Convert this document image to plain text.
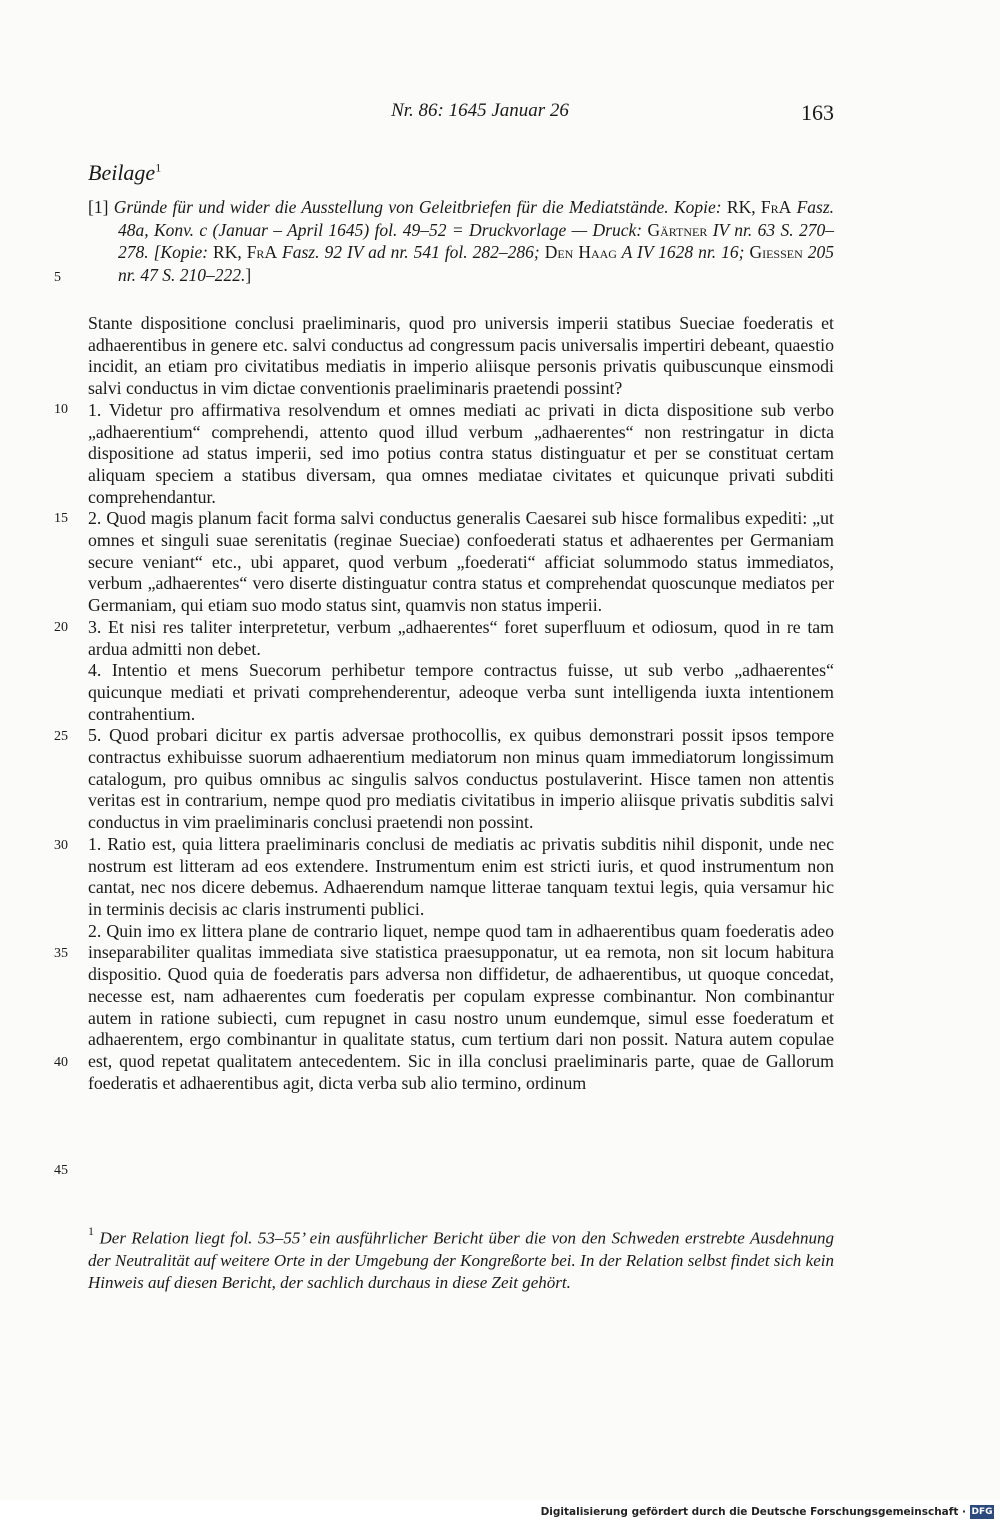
Nr. 86: 1645 Januar 26	163
Beilage$^1$

[1] Gründe für und wider die Ausstellung von Geleitbriefen für die Mediatstände. Kopie: RK, FrA Fasz. 48a, Konv. c (Januar – April 1645) fol. 49–52 = Druckvorlage — Druck: Gärtner IV nr. 63 S. 270–278. [Kopie: RK, FrA Fasz. 92 IV ad nr. 541 fol. 282–286; Den Haag A IV 1628 nr. 16; Giessen 205 nr. 47 S. 210–222.]

5
10
15
20
25
30
35
40
45

Stante dispositione conclusi praeliminaris, quod pro universis imperii statibus Sueciae foederatis et adhaerentibus in genere etc. salvi conductus ad congressum pacis universalis impertiri debeant, quaestio incidit, an etiam pro civitatibus mediatis in imperio aliisque personis privatis quibuscunque einsmodi salvi conductus in vim dictae conventionis praeliminaris praetendi possint?

1. Videtur pro affirmativa resolvendum et omnes mediati ac privati in dicta dispositione sub verbo „adhaerentium“ comprehendi, attento quod illud verbum „adhaerentes“ non restringatur in dicta dispositione ad status imperii, sed imo potius contra status distinguatur et per se constituat certam aliquam speciem a statibus diversam, qua omnes mediatae civitates et quicunque privati subditi comprehendantur.

2. Quod magis planum facit forma salvi conductus generalis Caesarei sub hisce formalibus expediti: „ut omnes et singuli suae serenitatis (reginae Sueciae) confoederati status et adhaerentes per Germaniam secure veniant“ etc., ubi apparet, quod verbum „foederati“ afficiat solummodo status immediatos, verbum „adhaerentes“ vero diserte distinguatur contra status et comprehendat quoscunque mediatos per Germaniam, qui etiam suo modo status sint, quamvis non status imperii.

3. Et nisi res taliter interpretetur, verbum „adhaerentes“ foret superfluum et odiosum, quod in re tam ardua admitti non debet.

4. Intentio et mens Suecorum perhibetur tempore contractus fuisse, ut sub verbo „adhaerentes“ quicunque mediati et privati comprehenderentur, adeoque verba sunt intelligenda iuxta intentionem contrahentium.

5. Quod probari dicitur ex partis adversae prothocollis, ex quibus demonstrari possit ipsos tempore contractus exhibuisse suorum adhaerentium mediatorum non minus quam immediatorum longissimum catalogum, pro quibus omnibus ac singulis salvos conductus postulaverint. Hisce tamen non attentis veritas est in contrarium, nempe quod pro mediatis civitatibus in imperio aliisque privatis subditis salvi conductus in vim praeliminaris conclusi praetendi non possint.

1. Ratio est, quia littera praeliminaris conclusi de mediatis ac privatis subditis nihil disponit, unde nec nostrum est litteram ad eos extendere. Instrumentum enim est stricti iuris, et quod instrumentum non cantat, nec nos dicere debemus. Adhaerendum namque litterae tanquam textui legis, quia versamur hic in terminis decisis ac claris instrumenti publici.

2. Quin imo ex littera plane de contrario liquet, nempe quod tam in adhaerentibus quam foederatis adeo inseparabiliter qualitas immediata sive statistica praesupponatur, ut ea remota, non sit locum habitura dispositio. Quod quia de foederatis pars adversa non diffidetur, de adhaerentibus, ut quoque concedat, necesse est, nam adhaerentes cum foederatis per copulam expresse combinantur. Non combinantur autem in ratione subiecti, cum repugnet in casu nostro unum eundemque, simul esse foederatum et adhaerentem, ergo combinantur in qualitate status, cum tertium dari non possit. Natura autem copulae est, quod repetat qualitatem antecedentem. Sic in illa conclusi praeliminaris parte, quae de Gallorum foederatis et adhaerentibus agit, dicta verba sub alio termino, ordinum

$^1$ Der Relation liegt fol. 53–55’ ein ausführlicher Bericht über die von den Schweden erstrebte Ausdehnung der Neutralität auf weitere Orte in der Umgebung der Kongreßorte bei. In der Relation selbst findet sich kein Hinweis auf diesen Bericht, der sachlich durchaus in diese Zeit gehört.
Digitalisierung gefördert durch die Deutsche Forschungsgemeinschaft · DFG
